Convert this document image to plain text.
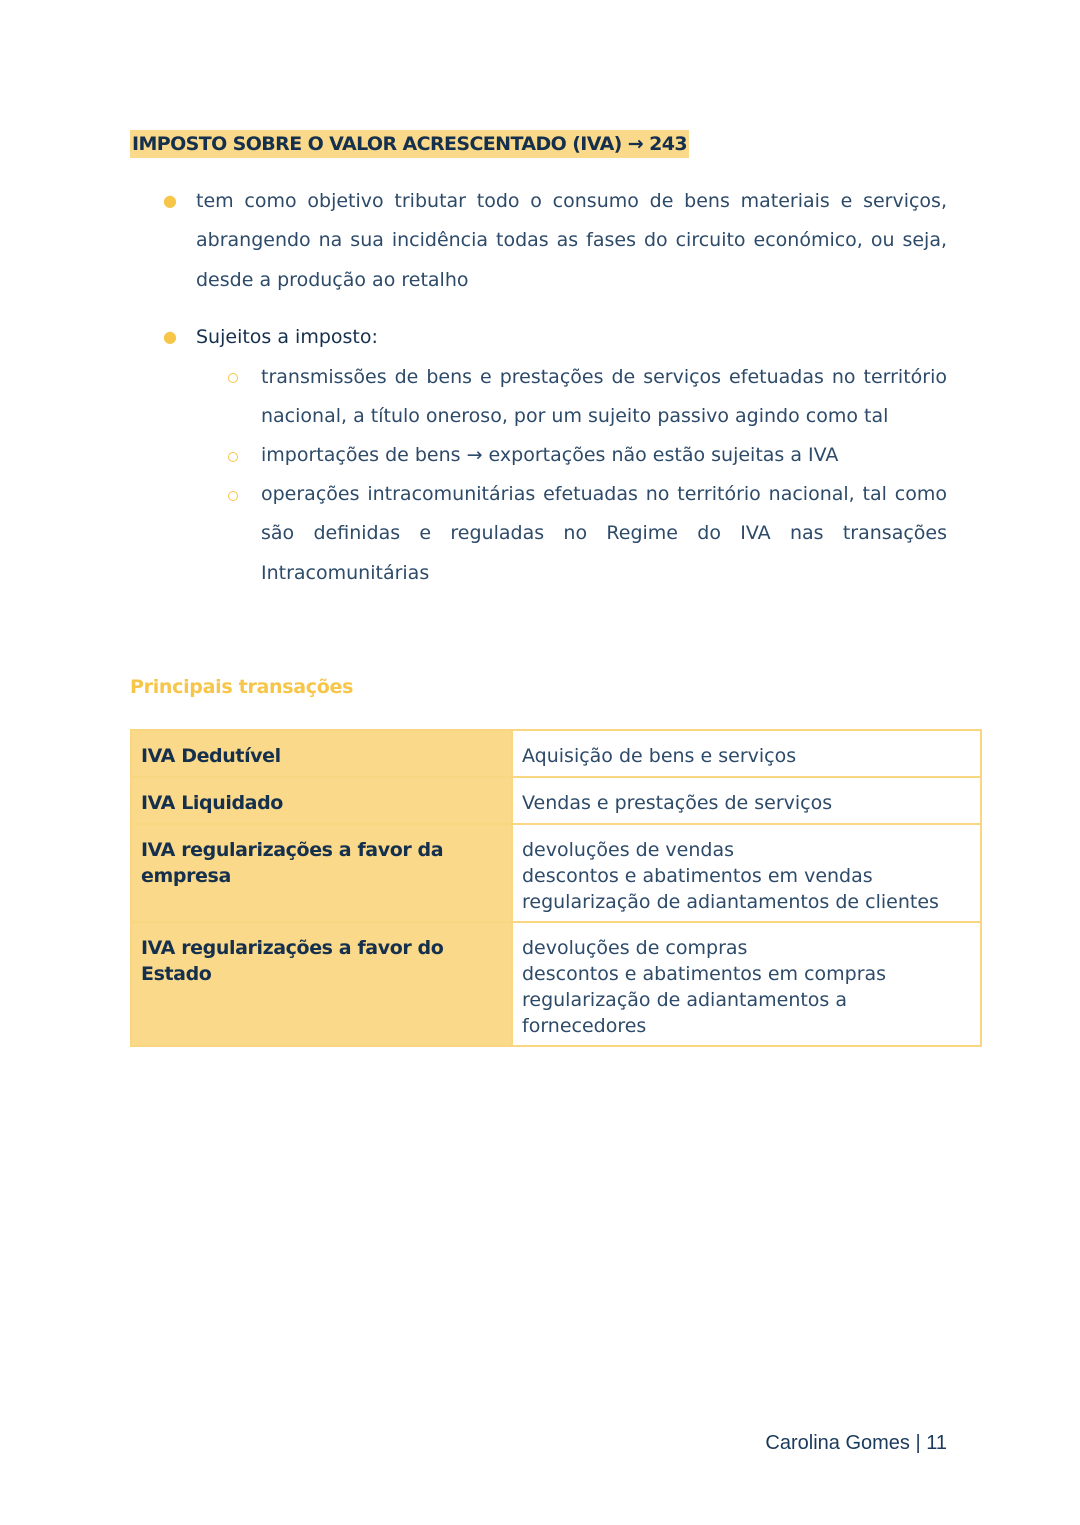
IMPOSTO SOBRE O VALOR ACRESCENTADO (IVA) → 243
● tem como objetivo tributar todo o consumo de bens materiais e serviços, abrangendo na sua incidência todas as fases do circuito económico, ou seja, desde a produção ao retalho

● Sujeitos a imposto:

transmissões de bens e prestações de serviços efetuadas no território nacional, a título oneroso, por um sujeito passivo agindo como tal

importações de bens → exportações não estão sujeitas a IVA

operações intracomunitárias efetuadas no território nacional, tal como são definidas e reguladas no Regime do IVA nas transações Intracomunitárias

Principais transações
IVA Dedutível	Aquisição de bens e serviços

IVA Liquidado	Vendas e prestações de serviços

IVA regularizações a favor da empresa	devoluções de vendas
descontos e abatimentos em vendas
regularização de adiantamentos de clientes

IVA regularizações a favor do Estado	devoluções de compras
descontos e abatimentos em compras
regularização de adiantamentos a fornecedores
Carolina Gomes | 11
